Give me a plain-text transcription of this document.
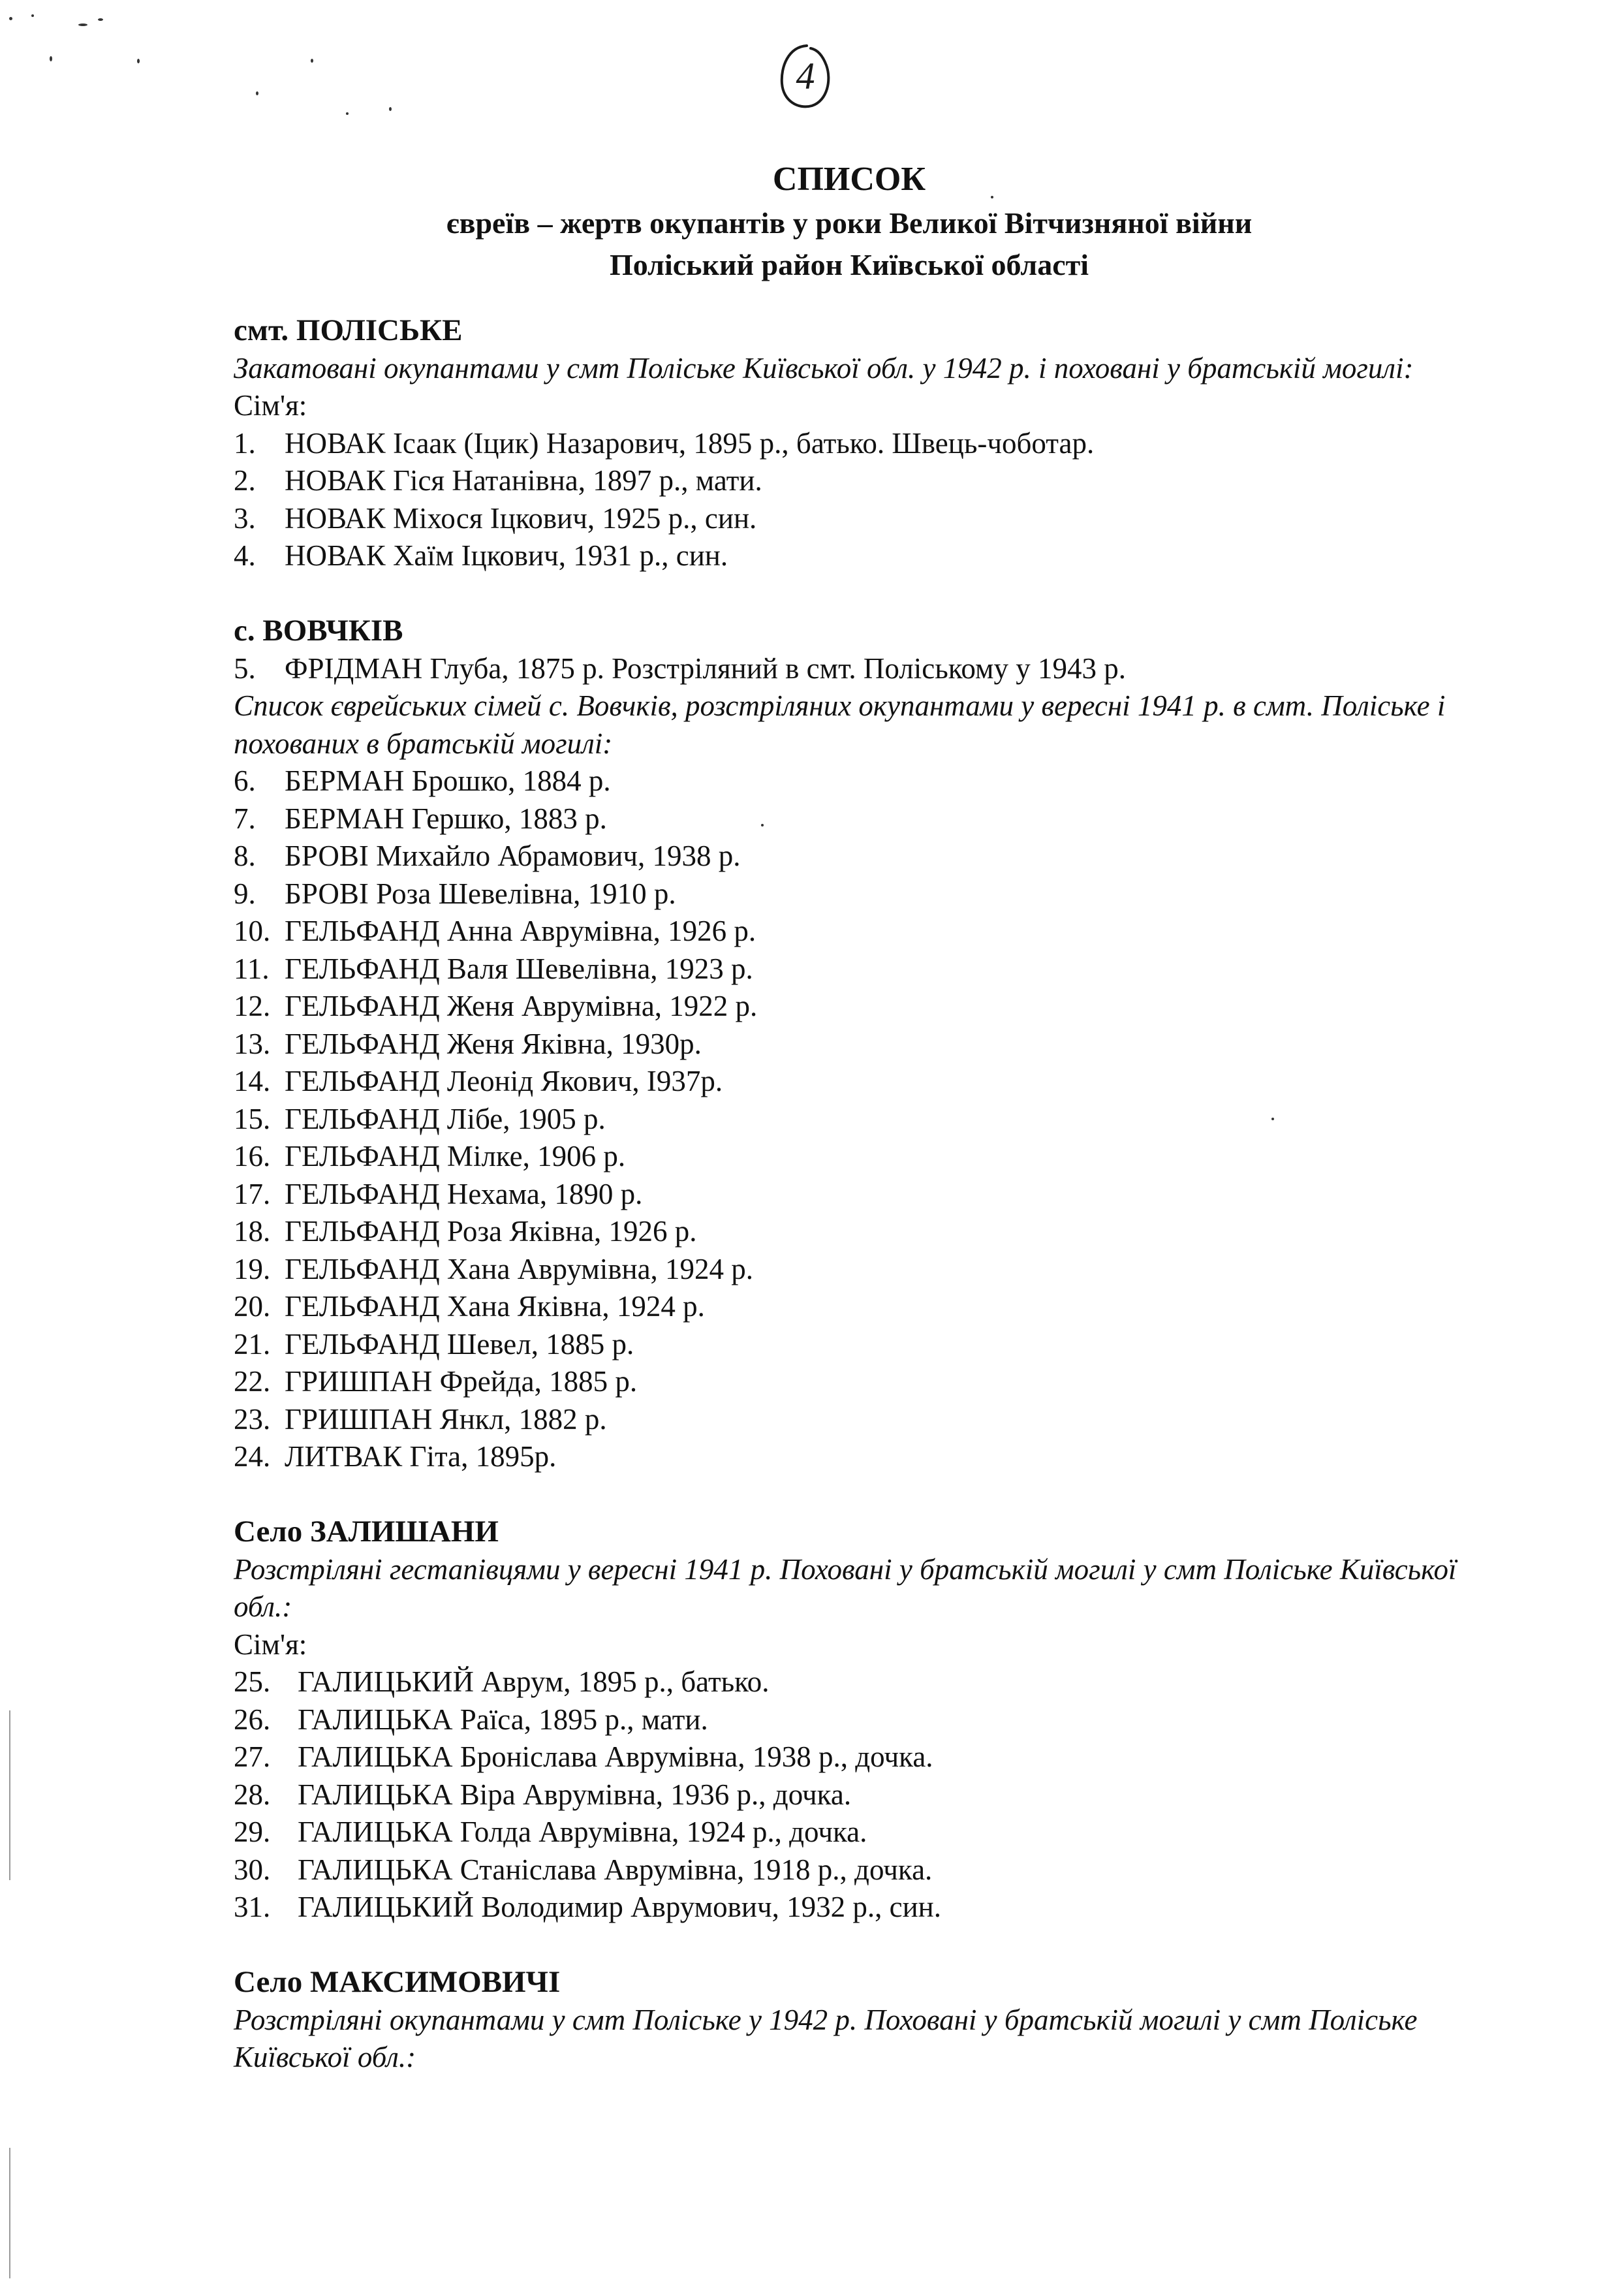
4
СПИСОК
євреїв – жертв окупантів у роки Великої Вітчизняної війни
Поліський район Київської області
смт. ПОЛІСЬКЕ
Закатовані окупантами у смт Поліське Київської обл. у 1942 р. і поховані у братській могилі:
Сім'я:
1. НОВАК Ісаак (Іцик) Назарович, 1895 р., батько. Швець-чоботар.
2. НОВАК Гіся Натанівна, 1897 р., мати.
3. НОВАК Міхося Іцкович, 1925 р., син.
4. НОВАК Хаїм Іцкович, 1931 р., син.
с. ВОВЧКІВ
5. ФРІДМАН Глуба, 1875 р. Розстріляний в смт. Поліському у 1943 р.
Список єврейських сімей с. Вовчків, розстріляних окупантами у вересні 1941 р. в смт. Поліське і похованих в братській могилі:
6. БЕРМАН Брошко, 1884 р.
7. БЕРМАН Гершко, 1883 р.
8. БРОВІ Михайло Абрамович, 1938 р.
9. БРОВІ Роза Шевелівна, 1910 р.
10. ГЕЛЬФАНД Анна Аврумівна, 1926 р.
11. ГЕЛЬФАНД Валя Шевелівна, 1923 р.
12. ГЕЛЬФАНД Женя Аврумівна, 1922 р.
13. ГЕЛЬФАНД Женя Яківна, 1930р.
14. ГЕЛЬФАНД Леонід Якович, І937р.
15. ГЕЛЬФАНД Лібе, 1905 р.
16. ГЕЛЬФАНД Мілке, 1906 р.
17. ГЕЛЬФАНД Нехама, 1890 р.
18. ГЕЛЬФАНД Роза Яківна, 1926 р.
19. ГЕЛЬФАНД Хана Аврумівна, 1924 р.
20. ГЕЛЬФАНД Хана Яківна, 1924 р.
21. ГЕЛЬФАНД Шевел, 1885 р.
22. ГРИШПАН Фрейда, 1885 р.
23. ГРИШПАН Янкл, 1882 р.
24. ЛИТВАК Гіта, 1895р.
Село ЗАЛИШАНИ
Розстріляні гестапівцями у вересні 1941 р. Поховані у братській могилі у смт Поліське Київської обл.:
Сім'я:
25. ГАЛИЦЬКИЙ Аврум, 1895 р., батько.
26. ГАЛИЦЬКА Раїса, 1895 р., мати.
27. ГАЛИЦЬКА Броніслава Аврумівна, 1938 р., дочка.
28. ГАЛИЦЬКА Віра Аврумівна, 1936 р., дочка.
29. ГАЛИЦЬКА Голда Аврумівна, 1924 р., дочка.
30. ГАЛИЦЬКА Станіслава Аврумівна, 1918 р., дочка.
31. ГАЛИЦЬКИЙ Володимир Аврумович, 1932 р., син.
Село МАКСИМОВИЧІ
Розстріляні окупантами у смт Поліське у 1942 р. Поховані у братській могилі у смт Поліське Київської обл.:
